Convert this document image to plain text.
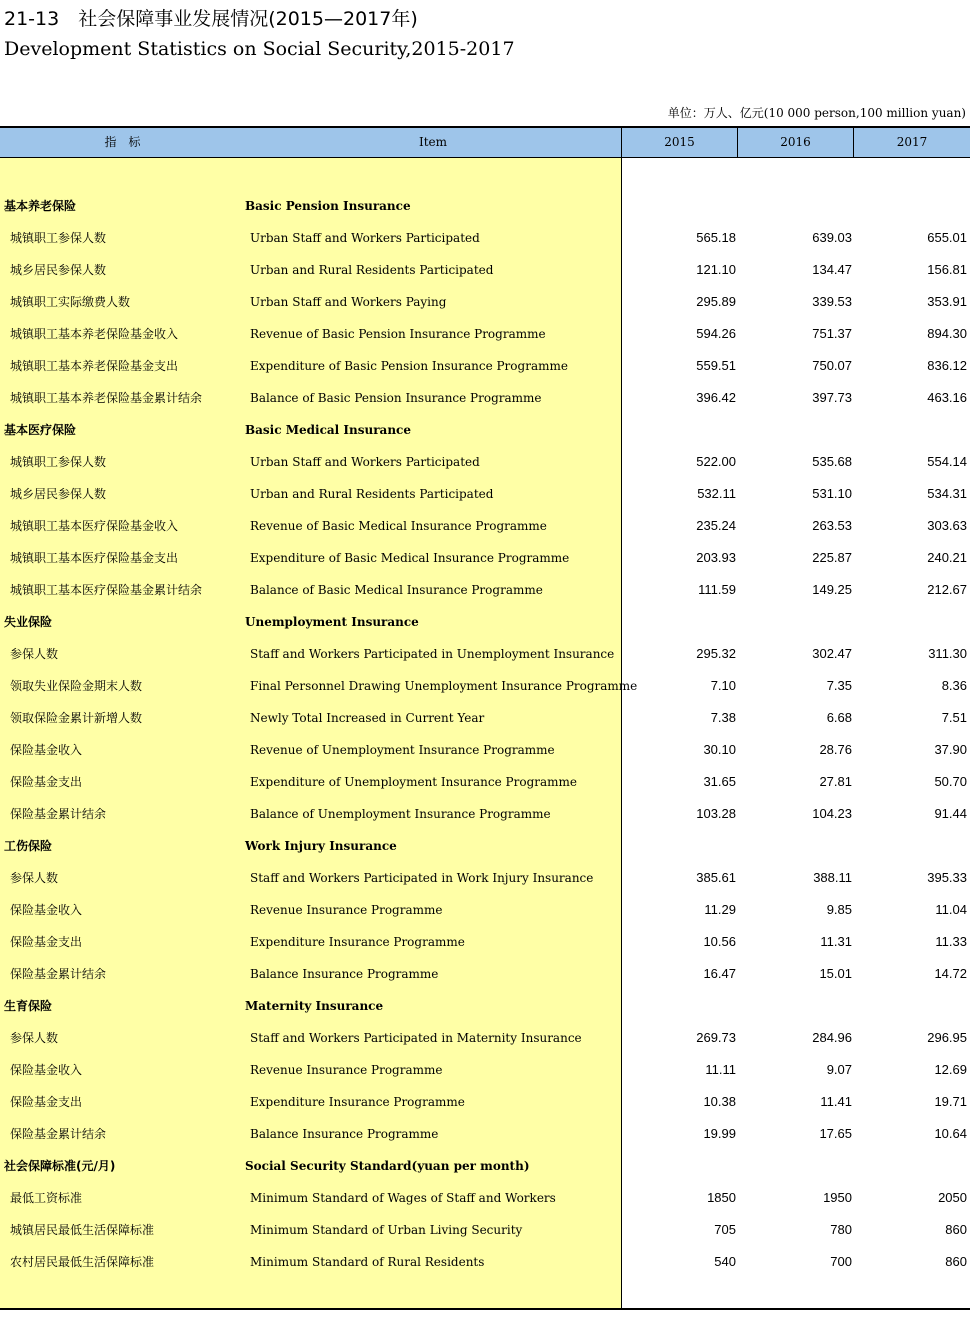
21-13　社会保障事业发展情况(2015—2017年)
Development Statistics on Social Security,2015-2017
单位：万人、亿元(10 000 person,100 million yuan)
指　标	Item	2015	2016	2017
基本养老保险	Basic Pension Insurance
城镇职工参保人数	Urban Staff and Workers Participated	565.18	639.03	655.01
城乡居民参保人数	Urban and Rural Residents Participated	121.10	134.47	156.81
城镇职工实际缴费人数	Urban Staff and Workers Paying	295.89	339.53	353.91
城镇职工基本养老保险基金收入	Revenue of Basic Pension Insurance Programme	594.26	751.37	894.30
城镇职工基本养老保险基金支出	Expenditure of Basic Pension Insurance Programme	559.51	750.07	836.12
城镇职工基本养老保险基金累计结余	Balance of Basic Pension Insurance Programme	396.42	397.73	463.16
基本医疗保险	Basic Medical Insurance
城镇职工参保人数	Urban Staff and Workers Participated	522.00	535.68	554.14
城乡居民参保人数	Urban and Rural Residents Participated	532.11	531.10	534.31
城镇职工基本医疗保险基金收入	Revenue of Basic Medical Insurance Programme	235.24	263.53	303.63
城镇职工基本医疗保险基金支出	Expenditure of Basic Medical Insurance Programme	203.93	225.87	240.21
城镇职工基本医疗保险基金累计结余	Balance of Basic Medical Insurance Programme	111.59	149.25	212.67
失业保险	Unemployment Insurance
参保人数	Staff and Workers Participated in Unemployment Insurance	295.32	302.47	311.30
领取失业保险金期末人数	Final Personnel Drawing Unemployment Insurance Programme	7.10	7.35	8.36
领取保险金累计新增人数	Newly Total Increased in Current Year	7.38	6.68	7.51
保险基金收入	Revenue of Unemployment Insurance Programme	30.10	28.76	37.90
保险基金支出	Expenditure of Unemployment Insurance Programme	31.65	27.81	50.70
保险基金累计结余	Balance of Unemployment Insurance Programme	103.28	104.23	91.44
工伤保险	Work Injury Insurance
参保人数	Staff and Workers Participated in Work Injury Insurance	385.61	388.11	395.33
保险基金收入	Revenue Insurance Programme	11.29	9.85	11.04
保险基金支出	Expenditure Insurance Programme	10.56	11.31	11.33
保险基金累计结余	Balance Insurance Programme	16.47	15.01	14.72
生育保险	Maternity Insurance
参保人数	Staff and Workers Participated in Maternity Insurance	269.73	284.96	296.95
保险基金收入	Revenue Insurance Programme	11.11	9.07	12.69
保险基金支出	Expenditure Insurance Programme	10.38	11.41	19.71
保险基金累计结余	Balance Insurance Programme	19.99	17.65	10.64
社会保障标准(元/月)	Social Security Standard(yuan per month)
最低工资标准	Minimum Standard of Wages of Staff and Workers	1850	1950	2050
城镇居民最低生活保障标准	Minimum Standard of Urban Living Security	705	780	860
农村居民最低生活保障标准	Minimum Standard of Rural Residents	540	700	860
